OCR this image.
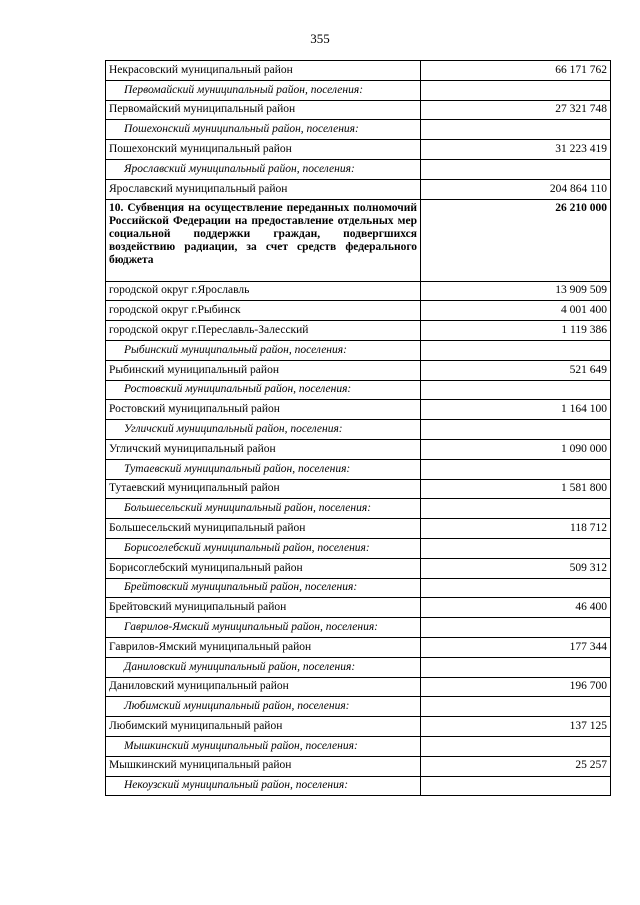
355
Некрасовский муниципальный район	66 171 762
Первомайский муниципальный район, поселения:	
Первомайский муниципальный район	27 321 748
Пошехонский муниципальный район, поселения:	
Пошехонский муниципальный район	31 223 419
Ярославский муниципальный район, поселения:	
Ярославский муниципальный район	204 864 110
10. Субвенция на осуществление переданных полномочий Российской Федерации на предоставление отдельных мер социальной поддержки граждан, подвергшихся воздействию радиации, за счет средств федерального бюджета	26 210 000
городской округ г.Ярославль	13 909 509
городской округ г.Рыбинск	4 001 400
городской округ г.Переславль-Залесский	1 119 386
Рыбинский муниципальный район, поселения:	
Рыбинский муниципальный район	521 649
Ростовский муниципальный район, поселения:	
Ростовский муниципальный район	1 164 100
Угличский муниципальный район, поселения:	
Угличский муниципальный район	1 090 000
Тутаевский муниципальный район, поселения:	
Тутаевский муниципальный район	1 581 800
Большесельский муниципальный район, поселения:	
Большесельский муниципальный район	118 712
Борисоглебский муниципальный район, поселения:	
Борисоглебский муниципальный район	509 312
Брейтовский муниципальный район, поселения:	
Брейтовский муниципальный район	46 400
Гаврилов-Ямский муниципальный район, поселения:	
Гаврилов-Ямский муниципальный район	177 344
Даниловский муниципальный район, поселения:	
Даниловский муниципальный район	196 700
Любимский муниципальный район, поселения:	
Любимский муниципальный район	137 125
Мышкинский муниципальный район, поселения:	
Мышкинский муниципальный район	25 257
Некоузский муниципальный район, поселения:	
